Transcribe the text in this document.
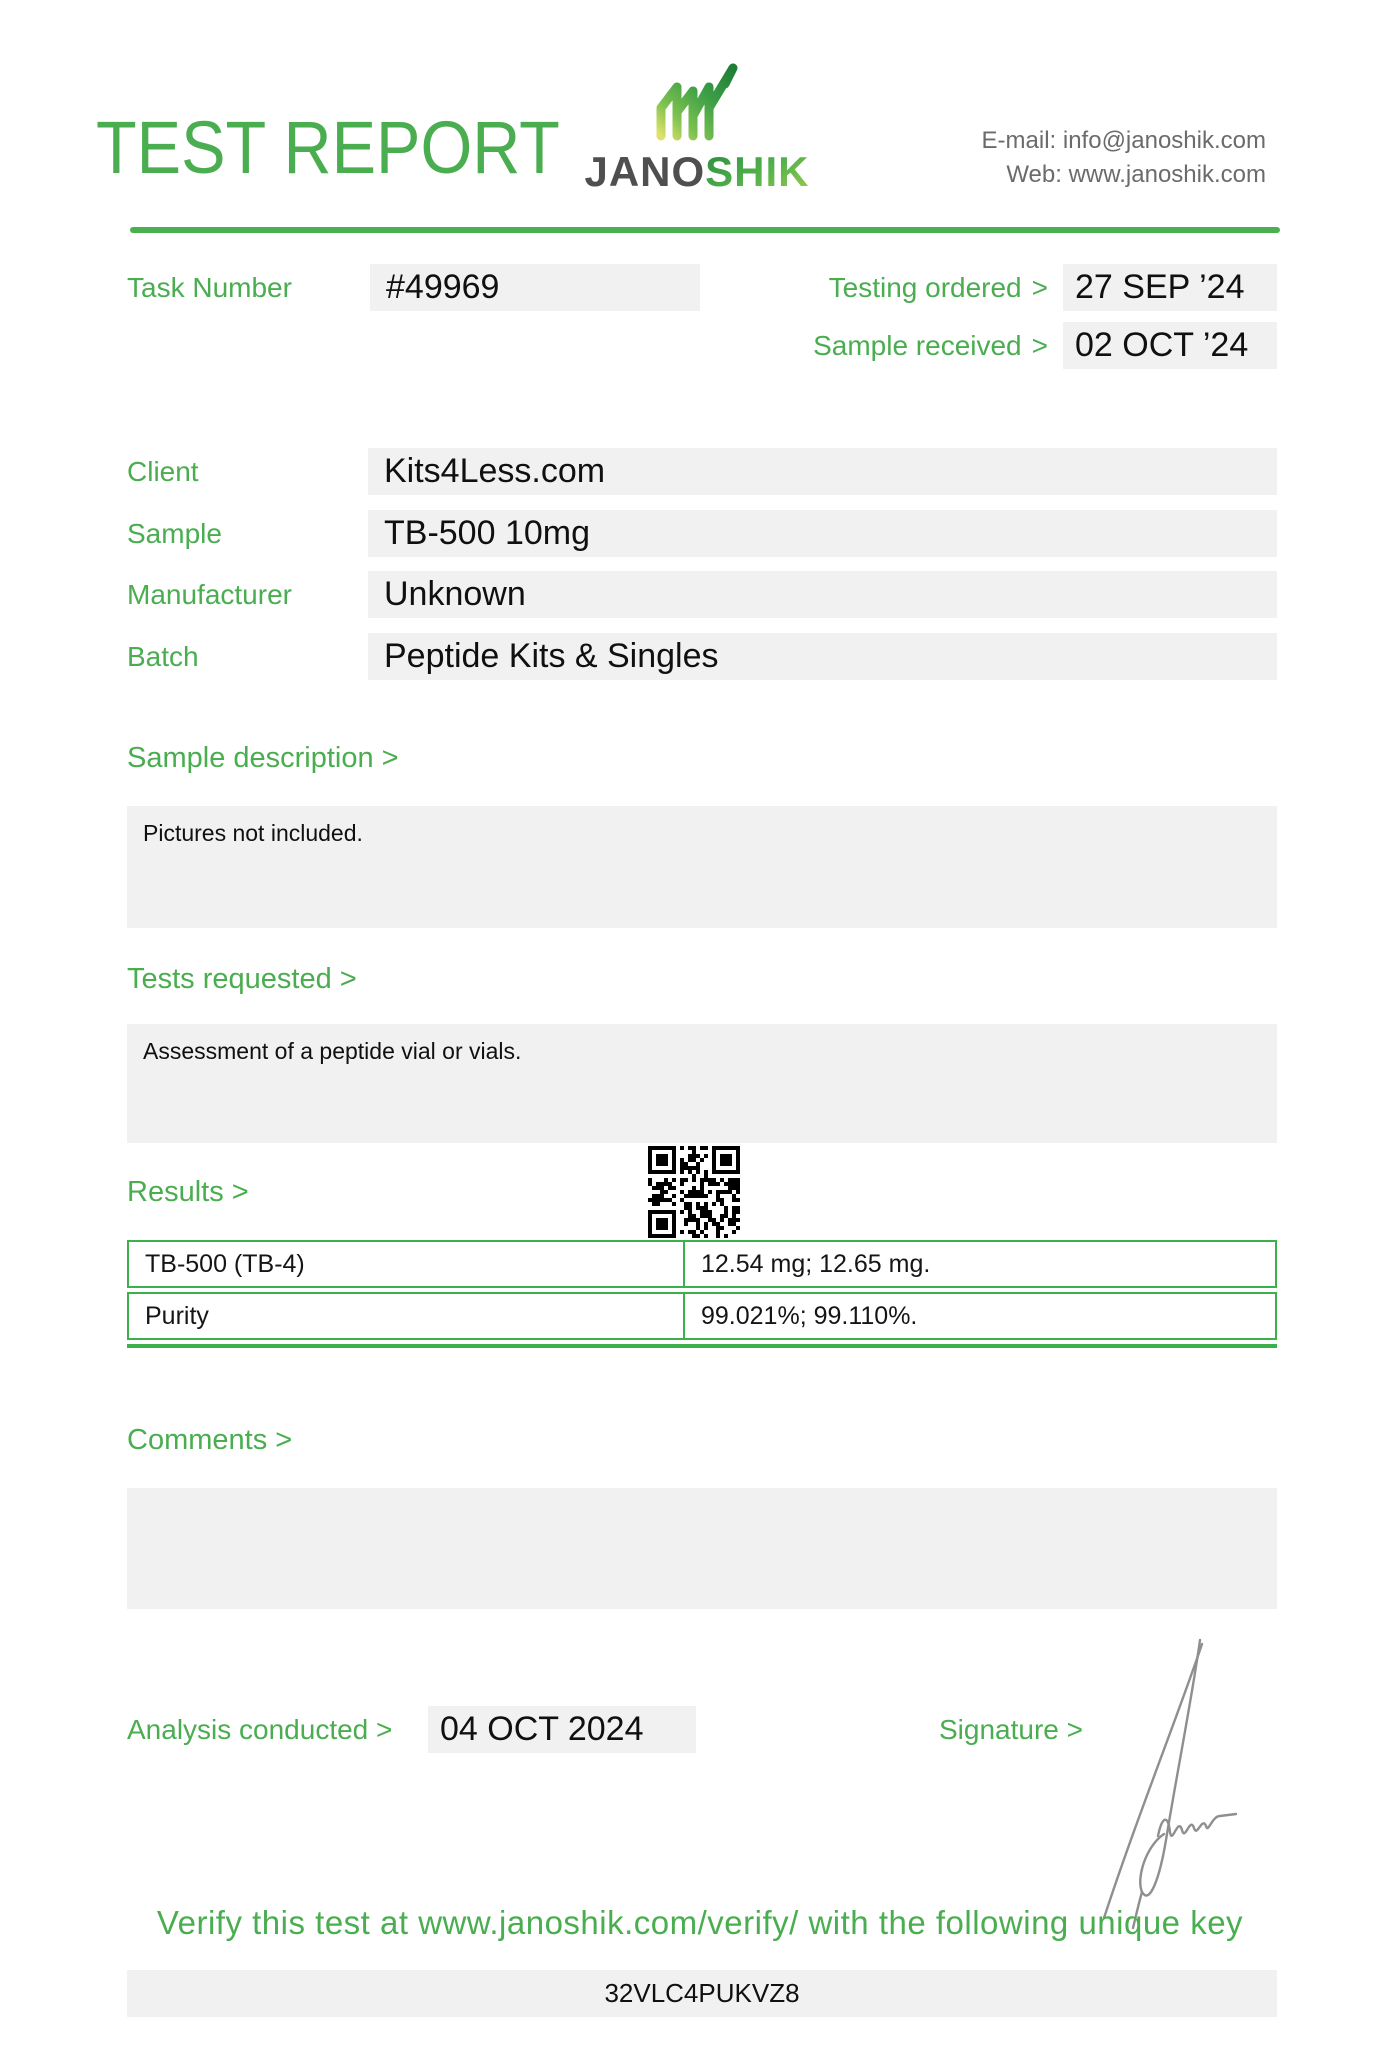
TEST REPORT JANOSHIK
E-mail: info@janoshik.com
Web: www.janoshik.com
Task Number	#49969	Testing ordered > 27 SEP ’24
Sample received > 02 OCT ’24
Client	Kits4Less.com
Sample	TB-500 10mg
Manufacturer	Unknown
Batch	Peptide Kits & Singles
Sample description >
Pictures not included.
Tests requested >
Assessment of a peptide vial or vials.
Results >
TB-500 (TB-4)	12.54 mg; 12.65 mg.
Purity	99.021%; 99.110%.
Comments >
Analysis conducted >	04 OCT 2024	Signature >
Verify this test at www.janoshik.com/verify/ with the following unique key
32VLC4PUKVZ8
